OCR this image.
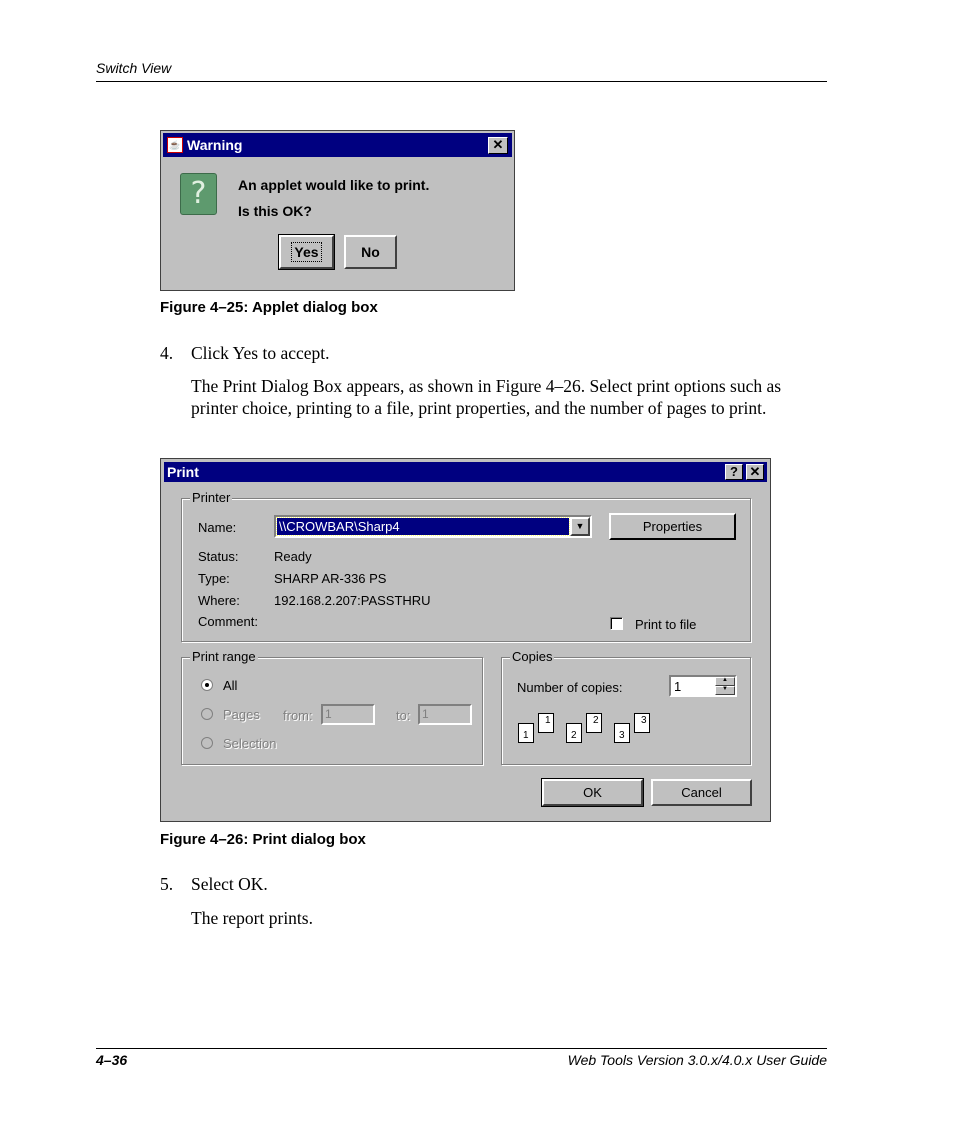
Switch View
☕ Warning	✕
?	An applet would like to print.
Is this OK?
Yes	No
Figure 4–25: Applet dialog box
4. Click Yes to accept.
The Print Dialog Box appears, as shown in Figure 4–26. Select print options such as printer choice, printing to a file, print properties, and the number of pages to print.
Print	? ✕
Printer
Name:	\\CROWBAR\Sharp4	▼	Properties
Status:	Ready
Type:	SHARP AR-336 PS
Where:	192.168.2.207:PASSTHRU
Comment:	Print to file
Print range
All
Pages from:	1	to: 1
Selection
Copies
Number of copies:	1	▲
▼
1
1
2
2
3
3
OK	Cancel
Figure 4–26: Print dialog box
5. Select OK.
The report prints.
4–36	Web Tools Version 3.0.x/4.0.x User Guide
